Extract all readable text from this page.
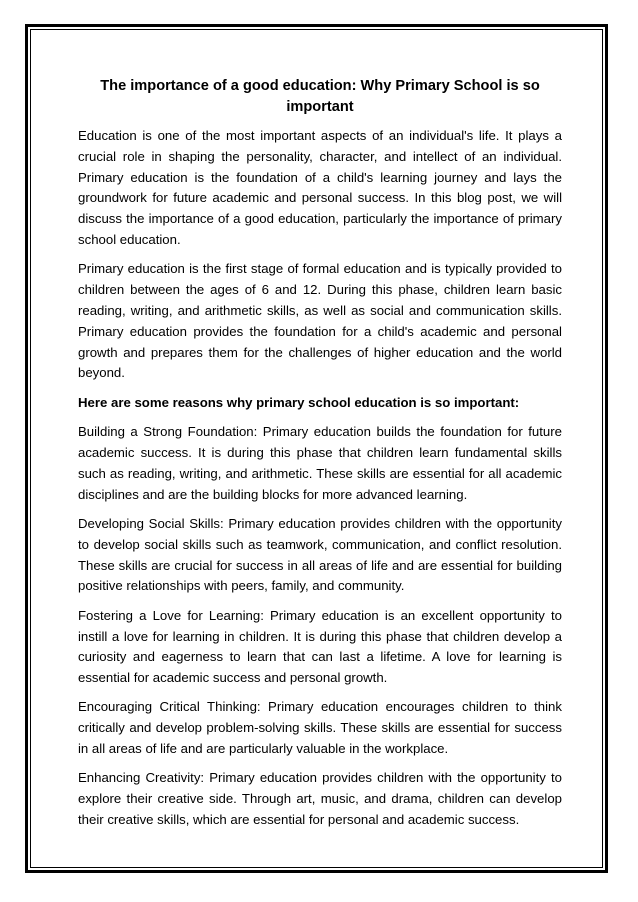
The importance of a good education: Why Primary School is so important

Education is one of the most important aspects of an individual's life. It plays a crucial role in shaping the personality, character, and intellect of an individual. Primary education is the foundation of a child's learning journey and lays the groundwork for future academic and personal success. In this blog post, we will discuss the importance of a good education, particularly the importance of primary school education.

Primary education is the first stage of formal education and is typically provided to children between the ages of 6 and 12. During this phase, children learn basic reading, writing, and arithmetic skills, as well as social and communication skills. Primary education provides the foundation for a child's academic and personal growth and prepares them for the challenges of higher education and the world beyond.

Here are some reasons why primary school education is so important:

Building a Strong Foundation: Primary education builds the foundation for future academic success. It is during this phase that children learn fundamental skills such as reading, writing, and arithmetic. These skills are essential for all academic disciplines and are the building blocks for more advanced learning.

Developing Social Skills: Primary education provides children with the opportunity to develop social skills such as teamwork, communication, and conflict resolution. These skills are crucial for success in all areas of life and are essential for building positive relationships with peers, family, and community.

Fostering a Love for Learning: Primary education is an excellent opportunity to instill a love for learning in children. It is during this phase that children develop a curiosity and eagerness to learn that can last a lifetime. A love for learning is essential for academic success and personal growth.

Encouraging Critical Thinking: Primary education encourages children to think critically and develop problem-solving skills. These skills are essential for success in all areas of life and are particularly valuable in the workplace.

Enhancing Creativity: Primary education provides children with the opportunity to explore their creative side. Through art, music, and drama, children can develop their creative skills, which are essential for personal and academic success.
